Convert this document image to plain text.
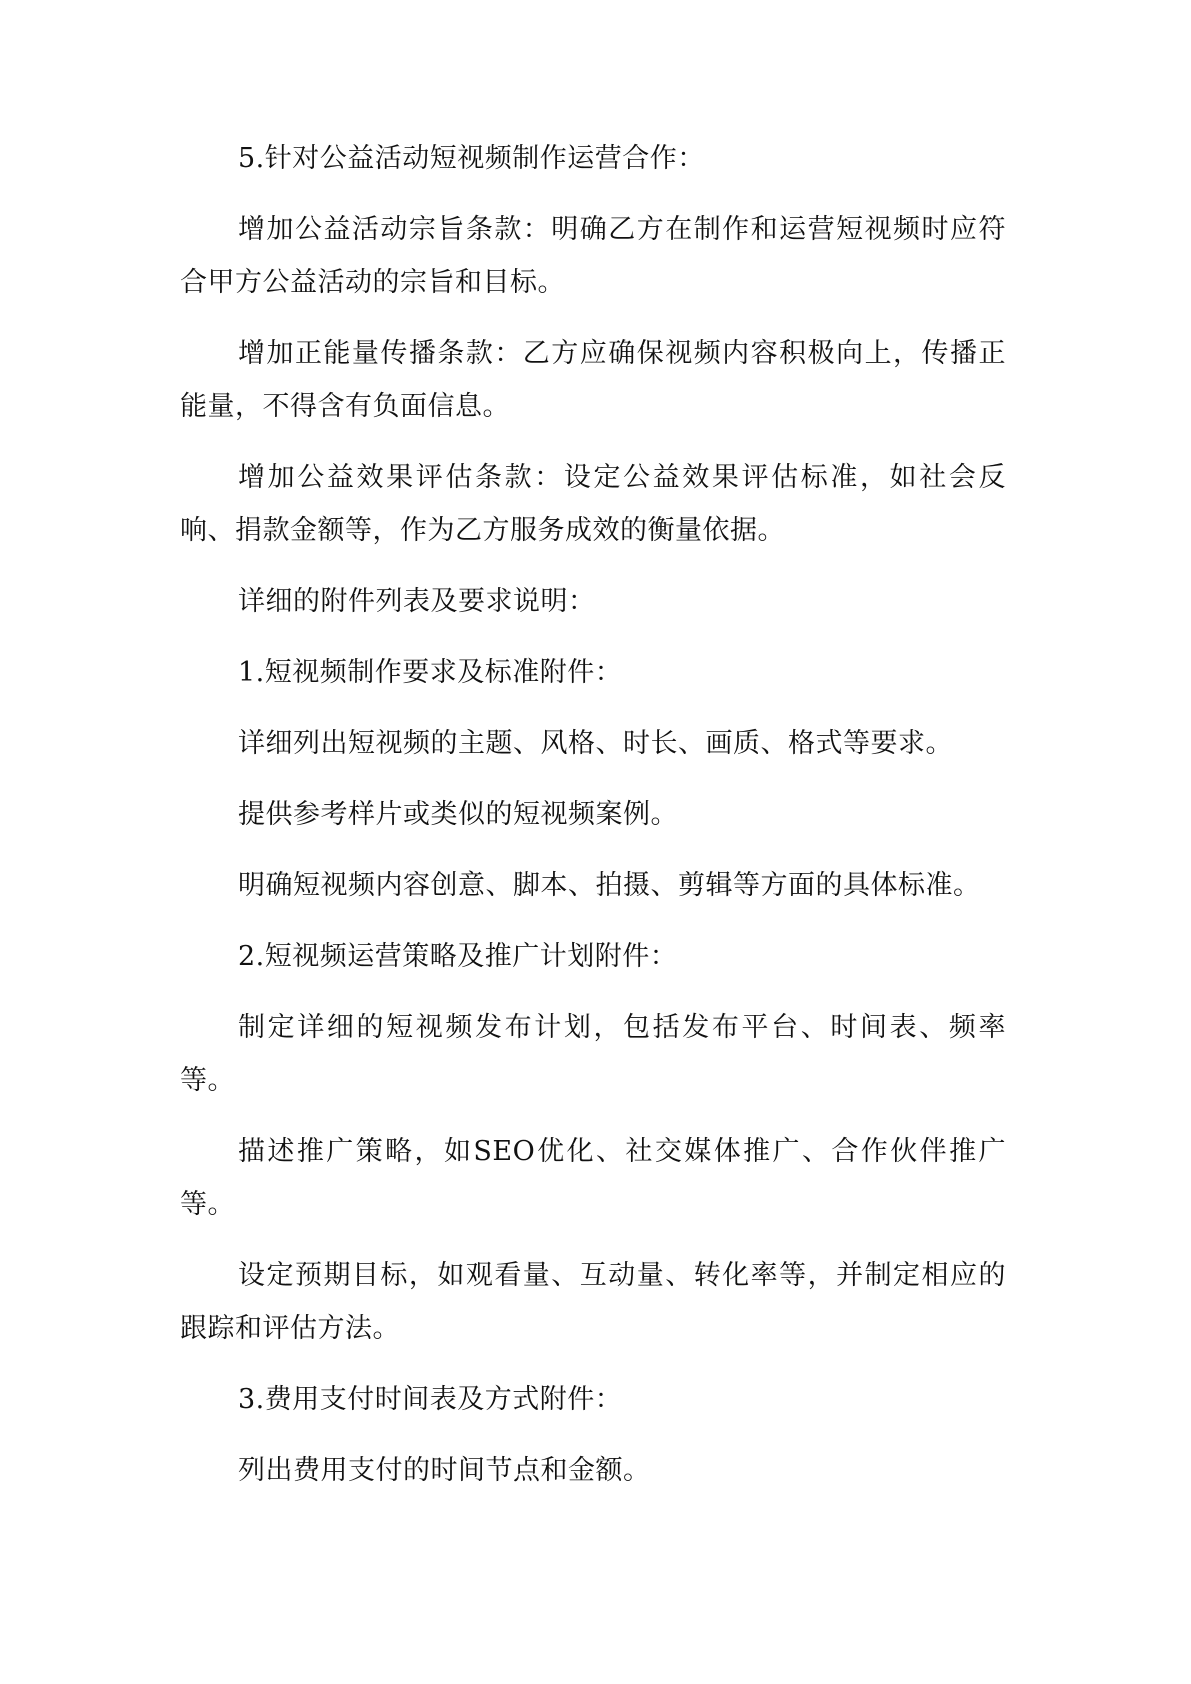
5.针对公益活动短视频制作运营合作：

增加公益活动宗旨条款：明确乙方在制作和运营短视频时应符合甲方公益活动的宗旨和目标。

增加正能量传播条款：乙方应确保视频内容积极向上，传播正能量，不得含有负面信息。

增加公益效果评估条款：设定公益效果评估标准，如社会反响、捐款金额等，作为乙方服务成效的衡量依据。

详细的附件列表及要求说明：

1.短视频制作要求及标准附件：

详细列出短视频的主题、风格、时长、画质、格式等要求。

提供参考样片或类似的短视频案例。

明确短视频内容创意、脚本、拍摄、剪辑等方面的具体标准。

2.短视频运营策略及推广计划附件：

制定详细的短视频发布计划，包括发布平台、时间表、频率等。

描述推广策略，如SEO优化、社交媒体推广、合作伙伴推广等。

设定预期目标，如观看量、互动量、转化率等，并制定相应的跟踪和评估方法。

3.费用支付时间表及方式附件：

列出费用支付的时间节点和金额。
